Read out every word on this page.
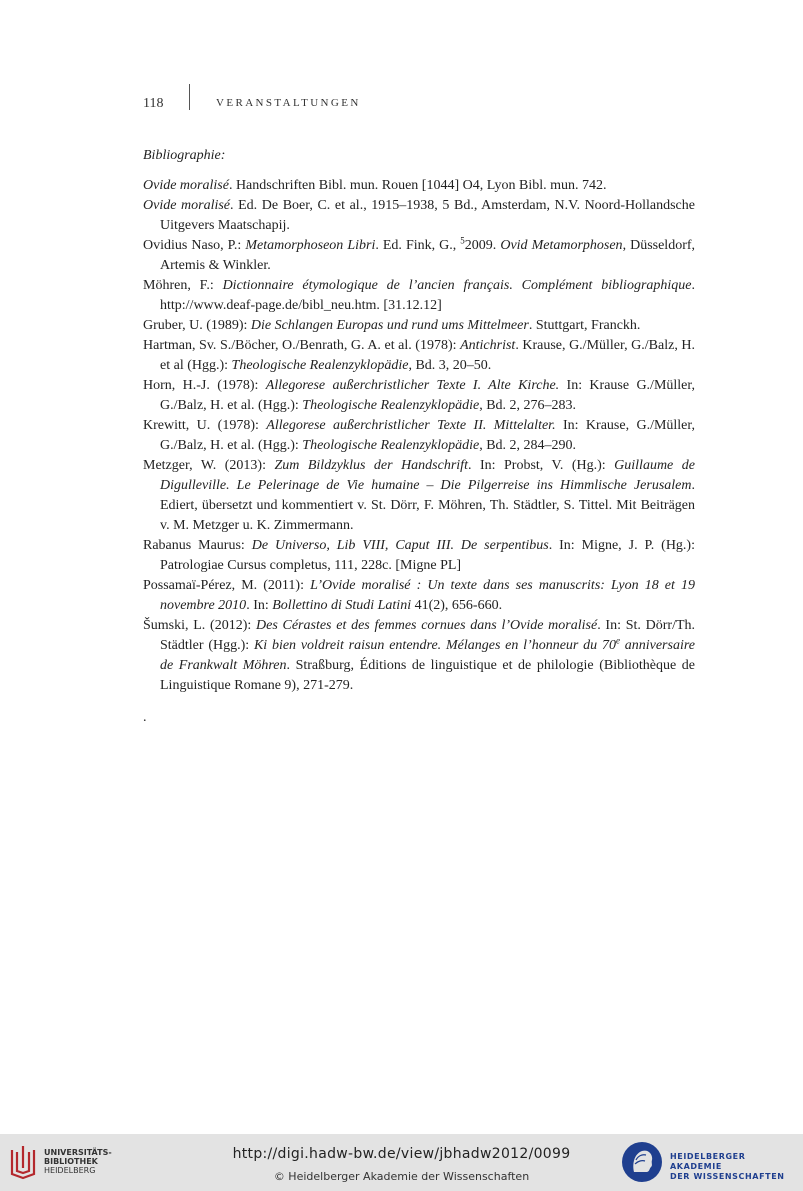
118	VERANSTALTUNGEN
Bibliographie:

Ovide moralisé. Handschriften Bibl. mun. Rouen [1044] O4, Lyon Bibl. mun. 742.

Ovide moralisé. Ed. De Boer, C. et al., 1915–1938, 5 Bd., Amsterdam, N.V. Noord-Hollandsche Uitgevers Maatschapij.

Ovidius Naso, P.: Metamorphoseon Libri. Ed. Fink, G., $^5$2009. Ovid Metamorphosen, Düsseldorf, Artemis & Winkler.

Möhren, F.: Dictionnaire étymologique de l’ancien français. Complément bibliographique. http://www.deaf-page.de/bibl_neu.htm. [31.12.12]

Gruber, U. (1989): Die Schlangen Europas und rund ums Mittelmeer. Stuttgart, Franckh.

Hartman, Sv. S./Böcher, O./Benrath, G. A. et al. (1978): Antichrist. Krause, G./Müller, G./Balz, H. et al (Hgg.): Theologische Realenzyklopädie, Bd. 3, 20–50.

Horn, H.-J. (1978): Allegorese außerchristlicher Texte I. Alte Kirche. In: Krause G./Müller, G./Balz, H. et al. (Hgg.): Theologische Realenzyklopädie, Bd. 2, 276–283.

Krewitt, U. (1978): Allegorese außerchristlicher Texte II. Mittelalter. In: Krause, G./Müller, G./Balz, H. et al. (Hgg.): Theologische Realenzyklopädie, Bd. 2, 284–290.

Metzger, W. (2013): Zum Bildzyklus der Handschrift. In: Probst, V. (Hg.): Guillaume de Digulleville. Le Pelerinage de Vie humaine – Die Pilgerreise ins Himmlische Jerusalem. Ediert, übersetzt und kommentiert v. St. Dörr, F. Möhren, Th. Städtler, S. Tittel. Mit Beiträgen v. M. Metzger u. K. Zimmermann.

Rabanus Maurus: De Universo, Lib VIII, Caput III. De serpentibus. In: Migne, J. P. (Hg.): Patrologiae Cursus completus, 111, 228c. [Migne PL]

Possamaï-Pérez, M. (2011): L’Ovide moralisé : Un texte dans ses manuscrits: Lyon 18 et 19 novembre 2010. In: Bollettino di Studi Latini 41(2), 656-660.

Šumski, L. (2012): Des Cérastes et des femmes cornues dans l’Ovide moralisé. In: St. Dörr/Th. Städtler (Hgg.): Ki bien voldreit raisun entendre. Mélanges en l’honneur du 70e anniversaire de Frankwalt Möhren. Straßburg, Éditions de linguistique et de philologie (Bibliothèque de Linguistique Romane 9), 271-279.

.
UNIVERSITÄTS-
BIBLIOTHEK
HEIDELBERG
http://digi.hadw-bw.de/view/jbhadw2012/0099
© Heidelberger Akademie der Wissenschaften
HEIDELBERGER AKADEMIE
DER WISSENSCHAFTEN
